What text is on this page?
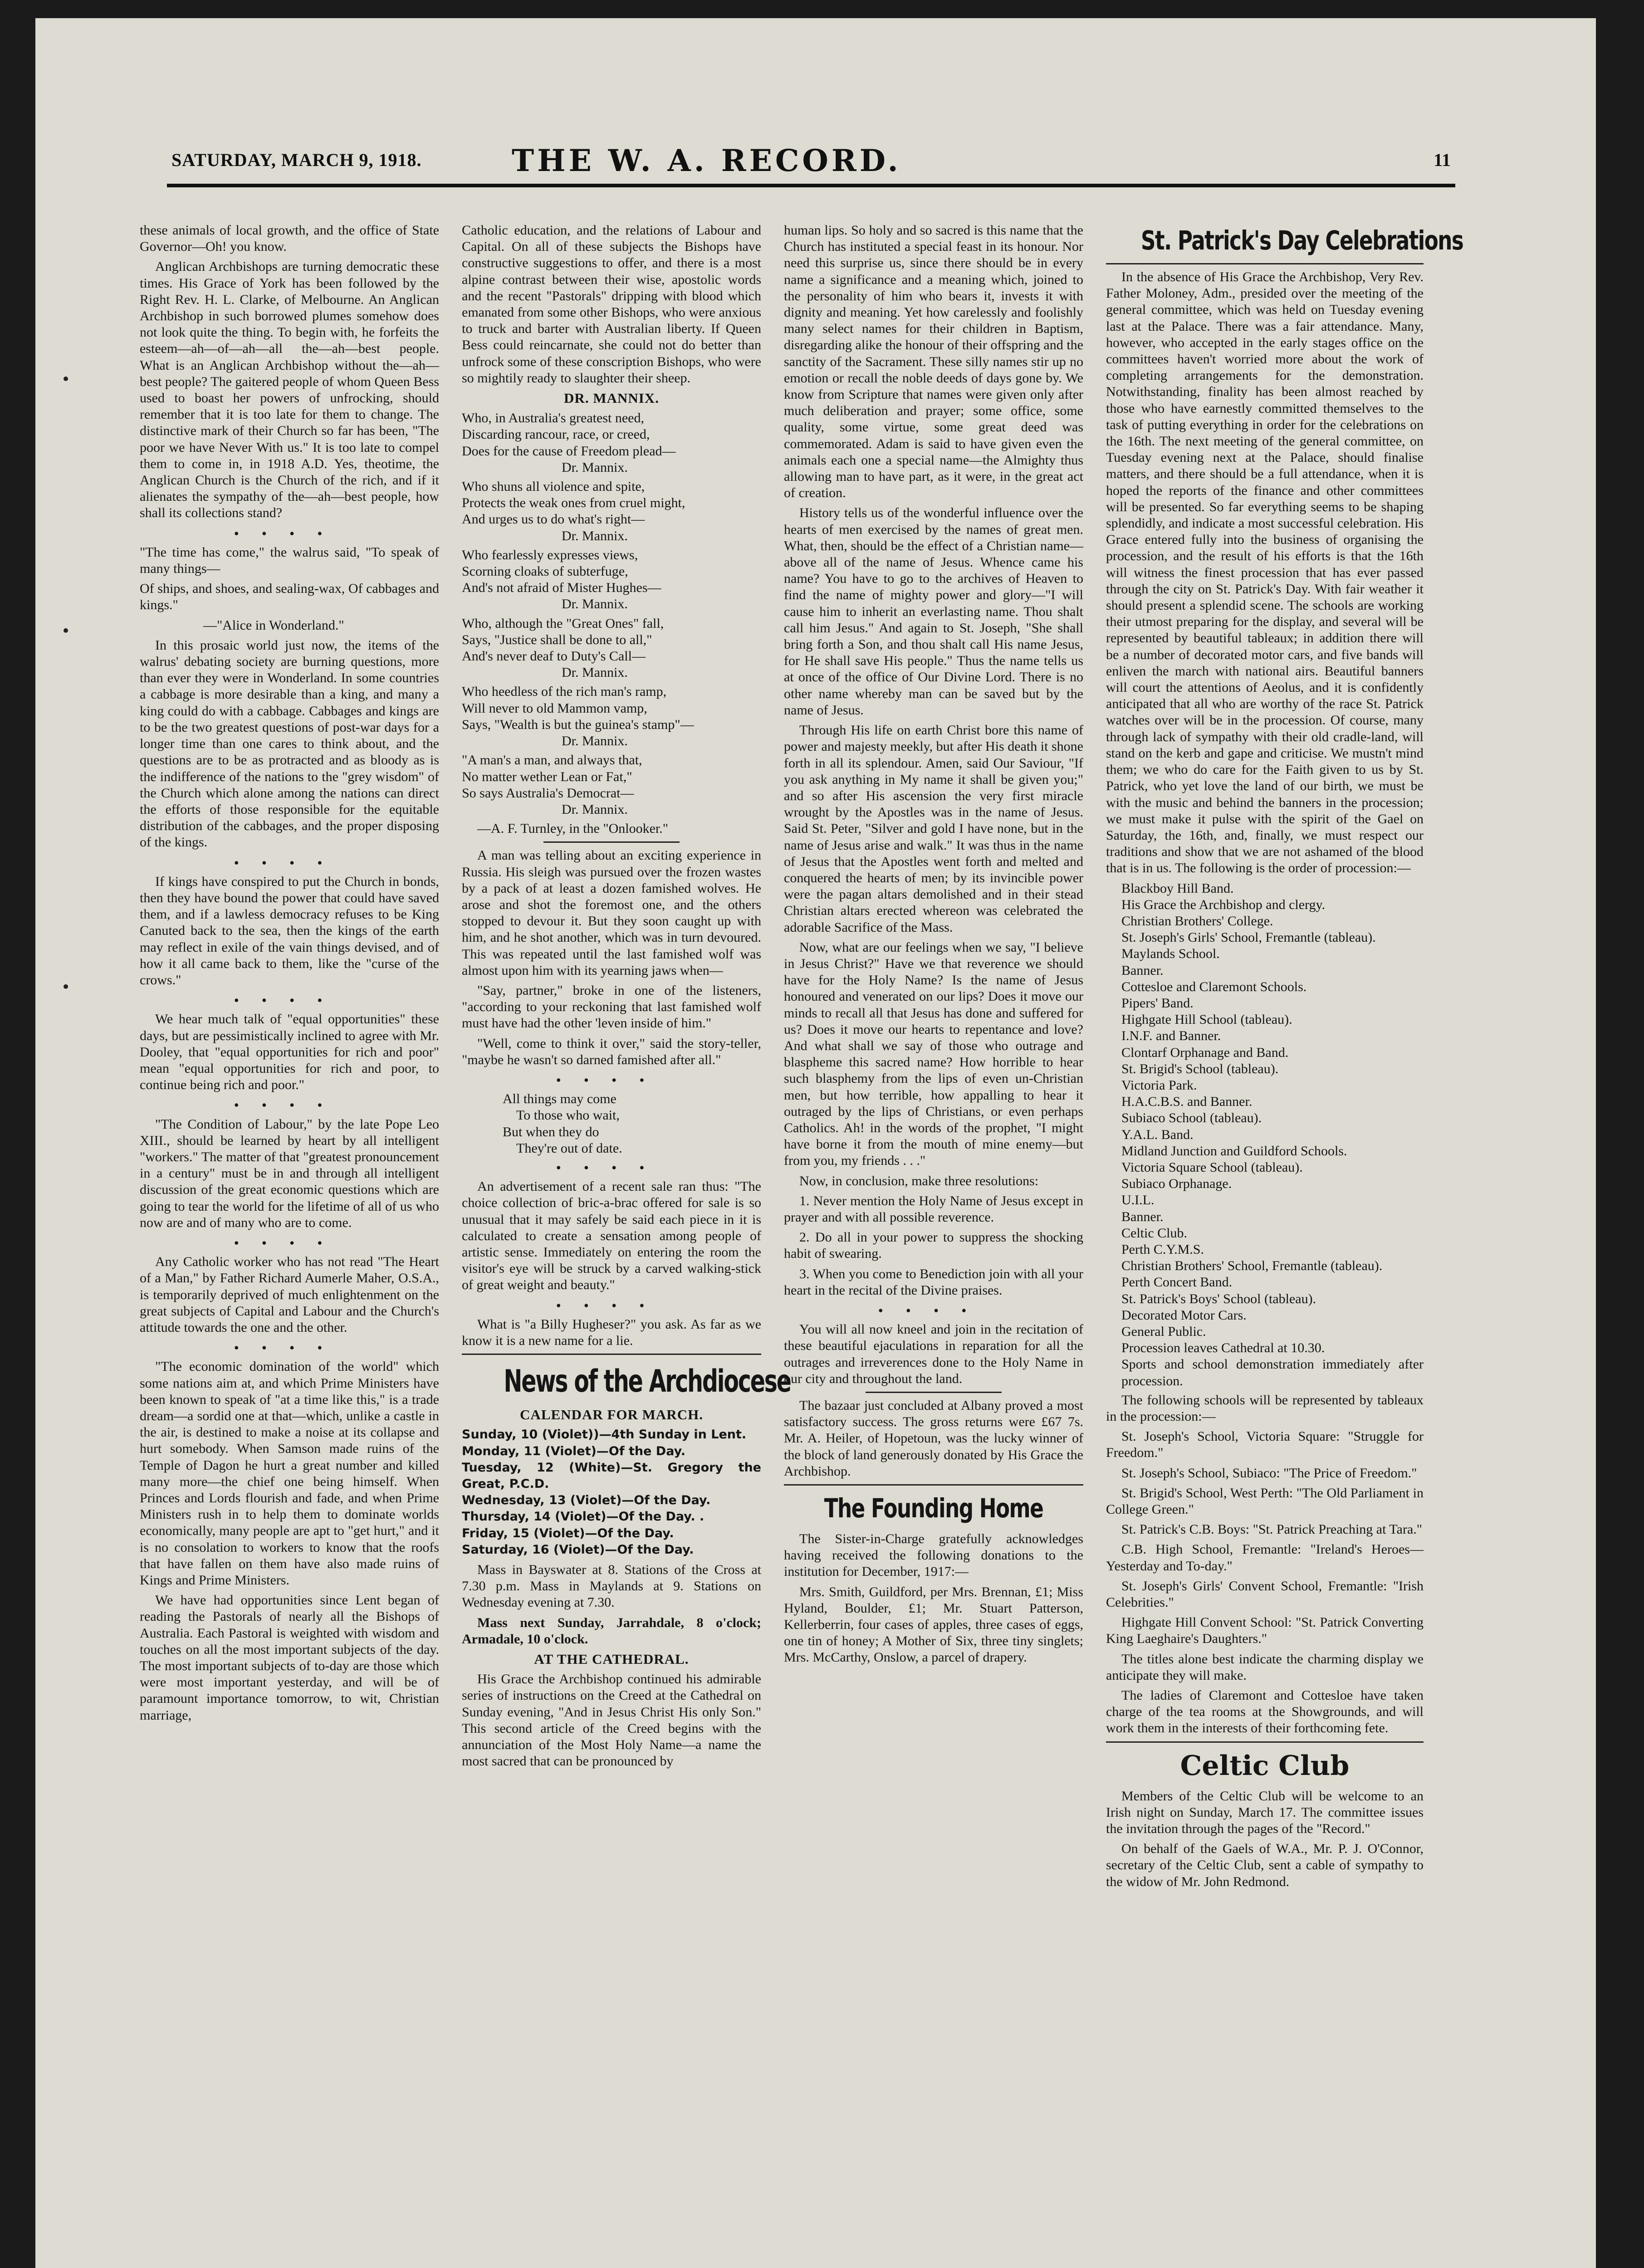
SATURDAY, MARCH 9, 1918.	THE W. A. RECORD.	11

these animals of local growth, and the office of State Governor—Oh! you know.

Anglican Archbishops are turning democratic these times. His Grace of York has been followed by the Right Rev. H. L. Clarke, of Melbourne. An Anglican Archbishop in such borrowed plumes somehow does not look quite the thing. To begin with, he forfeits the esteem—ah—of—ah—all the—ah—best people. What is an Anglican Archbishop without the—ah—best people? The gaitered people of whom Queen Bess used to boast her powers of unfrocking, should remember that it is too late for them to change. The distinctive mark of their Church so far has been, "The poor we have Never With us." It is too late to compel them to come in, in 1918 A.D. Yes, theotime, the Anglican Church is the Church of the rich, and if it alienates the sympathy of the—ah—best people, how shall its collections stand?

••••

"The time has come," the walrus said, "To speak of many things—

Of ships, and shoes, and sealing-wax, Of cabbages and kings."

—"Alice in Wonderland."

In this prosaic world just now, the items of the walrus' debating society are burning questions, more than ever they were in Wonderland. In some countries a cabbage is more desirable than a king, and many a king could do with a cabbage. Cabbages and kings are to be the two greatest questions of post-war days for a longer time than one cares to think about, and the questions are to be as protracted and as bloody as is the indifference of the nations to the "grey wisdom" of the Church which alone among the nations can direct the efforts of those responsible for the equitable distribution of the cabbages, and the proper disposing of the kings.

••••

If kings have conspired to put the Church in bonds, then they have bound the power that could have saved them, and if a lawless democracy refuses to be King Canuted back to the sea, then the kings of the earth may reflect in exile of the vain things devised, and of how it all came back to them, like the "curse of the crows."

••••

We hear much talk of "equal opportunities" these days, but are pessimistically inclined to agree with Mr. Dooley, that "equal opportunities for rich and poor" mean "equal opportunities for rich and poor, to continue being rich and poor."

••••

"The Condition of Labour," by the late Pope Leo XIII., should be learned by heart by all intelligent "workers." The matter of that "greatest pronouncement in a century" must be in and through all intelligent discussion of the great economic questions which are going to tear the world for the lifetime of all of us who now are and of many who are to come.

••••

Any Catholic worker who has not read "The Heart of a Man," by Father Richard Aumerle Maher, O.S.A., is temporarily deprived of much enlightenment on the great subjects of Capital and Labour and the Church's attitude towards the one and the other.

••••

"The economic domination of the world" which some nations aim at, and which Prime Ministers have been known to speak of "at a time like this," is a trade dream—a sordid one at that—which, unlike a castle in the air, is destined to make a noise at its collapse and hurt somebody. When Samson made ruins of the Temple of Dagon he hurt a great number and killed many more—the chief one being himself. When Princes and Lords flourish and fade, and when Prime Ministers rush in to help them to dominate worlds economically, many people are apt to "get hurt," and it is no consolation to workers to know that the roofs that have fallen on them have also made ruins of Kings and Prime Ministers.

We have had opportunities since Lent began of reading the Pastorals of nearly all the Bishops of Australia. Each Pastoral is weighted with wisdom and touches on all the most important subjects of the day. The most important subjects of to-day are those which were most important yesterday, and will be of paramount importance tomorrow, to wit, Christian marriage,

Catholic education, and the relations of Labour and Capital. On all of these subjects the Bishops have constructive suggestions to offer, and there is a most alpine contrast between their wise, apostolic words and the recent "Pastorals" dripping with blood which emanated from some other Bishops, who were anxious to truck and barter with Australian liberty. If Queen Bess could reincarnate, she could not do better than unfrock some of these conscription Bishops, who were so mightily ready to slaughter their sheep.

DR. MANNIX.
Who, in Australia's greatest need,
Discarding rancour, race, or creed,
Does for the cause of Freedom plead—
Dr. Mannix.
Who shuns all violence and spite,
Protects the weak ones from cruel might,
And urges us to do what's right—
Dr. Mannix.
Who fearlessly expresses views,
Scorning cloaks of subterfuge,
And's not afraid of Mister Hughes—
Dr. Mannix.
Who, although the "Great Ones" fall,
Says, "Justice shall be done to all,"
And's never deaf to Duty's Call—
Dr. Mannix.
Who heedless of the rich man's ramp,
Will never to old Mammon vamp,
Says, "Wealth is but the guinea's stamp"—
Dr. Mannix.
"A man's a man, and always that,
No matter wether Lean or Fat,"
So says Australia's Democrat—
Dr. Mannix.

—A. F. Turnley, in the "Onlooker."

A man was telling about an exciting experience in Russia. His sleigh was pursued over the frozen wastes by a pack of at least a dozen famished wolves. He arose and shot the foremost one, and the others stopped to devour it. But they soon caught up with him, and he shot another, which was in turn devoured. This was repeated until the last famished wolf was almost upon him with its yearning jaws when—

"Say, partner," broke in one of the listeners, "according to your reckoning that last famished wolf must have had the other 'leven inside of him."

"Well, come to think it over," said the story-teller, "maybe he wasn't so darned famished after all."

••••
All things may come
To those who wait,
But when they do
They're out of date.
••••

An advertisement of a recent sale ran thus: "The choice collection of bric-a-brac offered for sale is so unusual that it may safely be said each piece in it is calculated to create a sensation among people of artistic sense. Immediately on entering the room the visitor's eye will be struck by a carved walking-stick of great weight and beauty."

••••

What is "a Billy Hugheser?" you ask. As far as we know it is a new name for a lie.

News of the Archdiocese
CALENDAR FOR MARCH.
Sunday, 10 (Violet))—4th Sunday in Lent.
Monday, 11 (Violet)—Of the Day.
Tuesday, 12 (White)—St. Gregory the Great, P.C.D.
Wednesday, 13 (Violet)—Of the Day.
Thursday, 14 (Violet)—Of the Day. .
Friday, 15 (Violet)—Of the Day.
Saturday, 16 (Violet)—Of the Day.

Mass in Bayswater at 8. Stations of the Cross at 7.30 p.m. Mass in Maylands at 9. Stations on Wednesday evening at 7.30.

Mass next Sunday, Jarrahdale, 8 o'clock; Armadale, 10 o'clock.

AT THE CATHEDRAL.

His Grace the Archbishop continued his admirable series of instructions on the Creed at the Cathedral on Sunday evening, "And in Jesus Christ His only Son." This second article of the Creed begins with the annunciation of the Most Holy Name—a name the most sacred that can be pronounced by

human lips. So holy and so sacred is this name that the Church has instituted a special feast in its honour. Nor need this surprise us, since there should be in every name a significance and a meaning which, joined to the personality of him who bears it, invests it with dignity and meaning. Yet how carelessly and foolishly many select names for their children in Baptism, disregarding alike the honour of their offspring and the sanctity of the Sacrament. These silly names stir up no emotion or recall the noble deeds of days gone by. We know from Scripture that names were given only after much deliberation and prayer; some office, some quality, some virtue, some great deed was commemorated. Adam is said to have given even the animals each one a special name—the Almighty thus allowing man to have part, as it were, in the great act of creation.

History tells us of the wonderful influence over the hearts of men exercised by the names of great men. What, then, should be the effect of a Christian name—above all of the name of Jesus. Whence came his name? You have to go to the archives of Heaven to find the name of mighty power and glory—"I will cause him to inherit an everlasting name. Thou shalt call him Jesus." And again to St. Joseph, "She shall bring forth a Son, and thou shalt call His name Jesus, for He shall save His people." Thus the name tells us at once of the office of Our Divine Lord. There is no other name whereby man can be saved but by the name of Jesus.

Through His life on earth Christ bore this name of power and majesty meekly, but after His death it shone forth in all its splendour. Amen, said Our Saviour, "If you ask anything in My name it shall be given you;" and so after His ascension the very first miracle wrought by the Apostles was in the name of Jesus. Said St. Peter, "Silver and gold I have none, but in the name of Jesus arise and walk." It was thus in the name of Jesus that the Apostles went forth and melted and conquered the hearts of men; by its invincible power were the pagan altars demolished and in their stead Christian altars erected whereon was celebrated the adorable Sacrifice of the Mass.

Now, what are our feelings when we say, "I believe in Jesus Christ?" Have we that reverence we should have for the Holy Name? Is the name of Jesus honoured and venerated on our lips? Does it move our minds to recall all that Jesus has done and suffered for us? Does it move our hearts to repentance and love? And what shall we say of those who outrage and blaspheme this sacred name? How horrible to hear such blasphemy from the lips of even un-Christian men, but how terrible, how appalling to hear it outraged by the lips of Christians, or even perhaps Catholics. Ah! in the words of the prophet, "I might have borne it from the mouth of mine enemy—but from you, my friends . . ."

Now, in conclusion, make three resolutions:

1. Never mention the Holy Name of Jesus except in prayer and with all possible reverence.

2. Do all in your power to suppress the shocking habit of swearing.

3. When you come to Benediction join with all your heart in the recital of the Divine praises.

••••

You will all now kneel and join in the recitation of these beautiful ejaculations in reparation for all the outrages and irreverences done to the Holy Name in our city and throughout the land.

The bazaar just concluded at Albany proved a most satisfactory success. The gross returns were £67 7s. Mr. A. Heiler, of Hopetoun, was the lucky winner of the block of land generously donated by His Grace the Archbishop.

The Founding Home

The Sister-in-Charge gratefully acknowledges having received the following donations to the institution for December, 1917:—

Mrs. Smith, Guildford, per Mrs. Brennan, £1; Miss Hyland, Boulder, £1; Mr. Stuart Patterson, Kellerberrin, four cases of apples, three cases of eggs, one tin of honey; A Mother of Six, three tiny singlets; Mrs. McCarthy, Onslow, a parcel of drapery.

St. Patrick's Day Celebrations

In the absence of His Grace the Archbishop, Very Rev. Father Moloney, Adm., presided over the meeting of the general committee, which was held on Tuesday evening last at the Palace. There was a fair attendance. Many, however, who accepted in the early stages office on the committees haven't worried more about the work of completing arrangements for the demonstration. Notwithstanding, finality has been almost reached by those who have earnestly committed themselves to the task of putting everything in order for the celebrations on the 16th. The next meeting of the general committee, on Tuesday evening next at the Palace, should finalise matters, and there should be a full attendance, when it is hoped the reports of the finance and other committees will be presented. So far everything seems to be shaping splendidly, and indicate a most successful celebration. His Grace entered fully into the business of organising the procession, and the result of his efforts is that the 16th will witness the finest procession that has ever passed through the city on St. Patrick's Day. With fair weather it should present a splendid scene. The schools are working their utmost preparing for the display, and several will be represented by beautiful tableaux; in addition there will be a number of decorated motor cars, and five bands will enliven the march with national airs. Beautiful banners will court the attentions of Aeolus, and it is confidently anticipated that all who are worthy of the race St. Patrick watches over will be in the procession. Of course, many through lack of sympathy with their old cradle-land, will stand on the kerb and gape and criticise. We mustn't mind them; we who do care for the Faith given to us by St. Patrick, who yet love the land of our birth, we must be with the music and behind the banners in the procession; we must make it pulse with the spirit of the Gael on Saturday, the 16th, and, finally, we must respect our traditions and show that we are not ashamed of the blood that is in us. The following is the order of procession:—

Blackboy Hill Band.
His Grace the Archbishop and clergy.
Christian Brothers' College.
St. Joseph's Girls' School, Fremantle (tableau).
Maylands School.
Banner.
Cottesloe and Claremont Schools.
Pipers' Band.
Highgate Hill School (tableau).
I.N.F. and Banner.
Clontarf Orphanage and Band.
St. Brigid's School (tableau).
Victoria Park.
H.A.C.B.S. and Banner.
Subiaco School (tableau).
Y.A.L. Band.
Midland Junction and Guildford Schools.
Victoria Square School (tableau).
Subiaco Orphanage.
U.I.L.
Banner.
Celtic Club.
Perth C.Y.M.S.
Christian Brothers' School, Fremantle (tableau).
Perth Concert Band.
St. Patrick's Boys' School (tableau).
Decorated Motor Cars.
General Public.
Procession leaves Cathedral at 10.30.
Sports and school demonstration immediately after procession.

The following schools will be represented by tableaux in the procession:—

St. Joseph's School, Victoria Square: "Struggle for Freedom."

St. Joseph's School, Subiaco: "The Price of Freedom."

St. Brigid's School, West Perth: "The Old Parliament in College Green."

St. Patrick's C.B. Boys: "St. Patrick Preaching at Tara."

C.B. High School, Fremantle: "Ireland's Heroes—Yesterday and To-day."

St. Joseph's Girls' Convent School, Fremantle: "Irish Celebrities."

Highgate Hill Convent School: "St. Patrick Converting King Laeghaire's Daughters."

The titles alone best indicate the charming display we anticipate they will make.

The ladies of Claremont and Cottesloe have taken charge of the tea rooms at the Showgrounds, and will work them in the interests of their forthcoming fete.

Celtic Club

Members of the Celtic Club will be welcome to an Irish night on Sunday, March 17. The committee issues the invitation through the pages of the "Record."

On behalf of the Gaels of W.A., Mr. P. J. O'Connor, secretary of the Celtic Club, sent a cable of sympathy to the widow of Mr. John Redmond.
